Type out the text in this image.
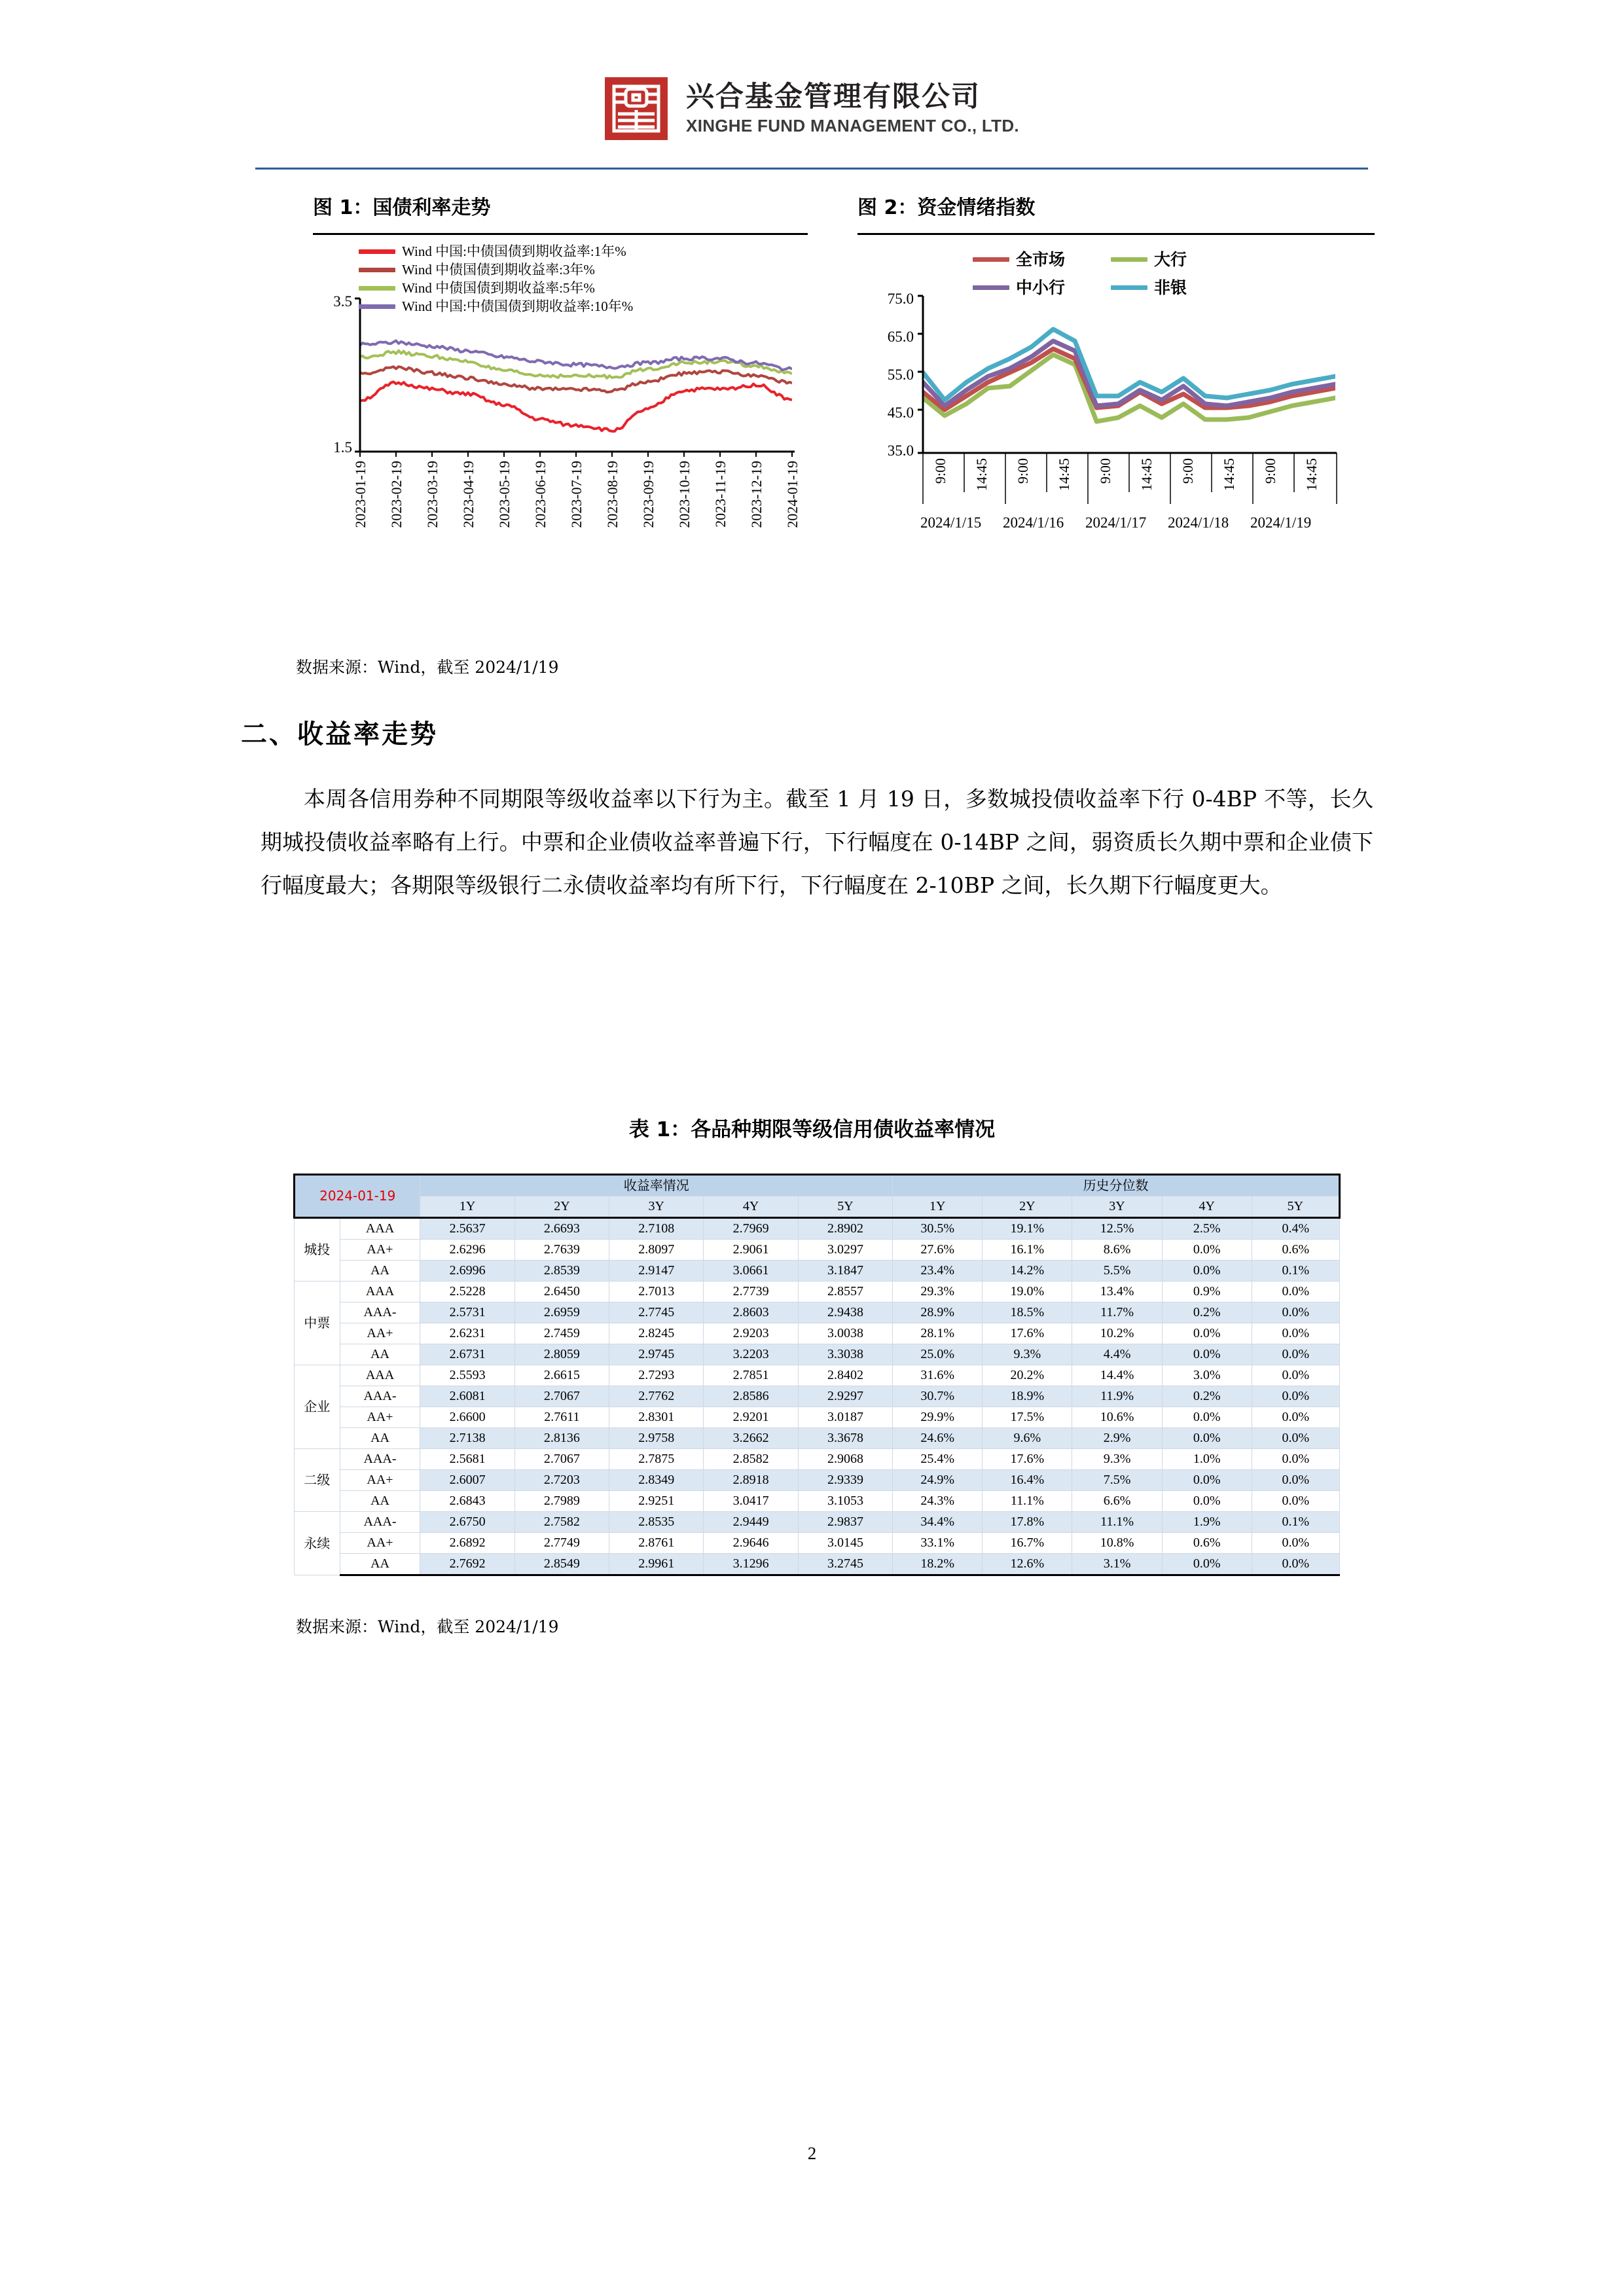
兴合基金管理有限公司
XINGHE FUND MANAGEMENT CO., LTD.
图 1：国债利率走势
Wind 中国:中债国债到期收益率:1年%
Wind 中债国债到期收益率:3年%
Wind 中债国债到期收益率:5年%
Wind 中国:中债国债到期收益率:10年%
3.5
1.5
2023-01-19 2023-02-19 2023-03-19 2023-04-19 2023-05-19 2023-06-19 2023-07-19 2023-08-19 2023-09-19 2023-10-19 2023-11-19 2023-12-19 2024-01-19
图 2：资金情绪指数
全市场	大行
中小行	非银
75.0
65.0
55.0
45.0
35.0
9:00 14:45 9:00 14:45 9:00 14:45 9:00 14:45 9:00 14:45
2024/1/15 2024/1/16 2024/1/17 2024/1/18 2024/1/19
数据来源：Wind，截至 2024/1/19
二、收益率走势
本周各信用券种不同期限等级收益率以下行为主。截至 1 月 19 日，多数城投债收益率下行 0-4BP 不等，长久期城投债收益率略有上行。中票和企业债收益率普遍下行，下行幅度在 0-14BP 之间，弱资质长久期中票和企业债下行幅度最大；各期限等级银行二永债收益率均有所下行，下行幅度在 2-10BP 之间，长久期下行幅度更大。
表 1：各品种期限等级信用债收益率情况
2024-01-19		收益率情况					历史分位数				
		1Y	2Y	3Y	4Y	5Y	1Y	2Y	3Y	4Y	5Y
城投	AAA	2.5637	2.6693	2.7108	2.7969	2.8902	30.5%	19.1%	12.5%	2.5%	0.4%
	AA+	2.6296	2.7639	2.8097	2.9061	3.0297	27.6%	16.1%	8.6%	0.0%	0.6%
	AA	2.6996	2.8539	2.9147	3.0661	3.1847	23.4%	14.2%	5.5%	0.0%	0.1%
中票	AAA	2.5228	2.6450	2.7013	2.7739	2.8557	29.3%	19.0%	13.4%	0.9%	0.0%
	AAA-	2.5731	2.6959	2.7745	2.8603	2.9438	28.9%	18.5%	11.7%	0.2%	0.0%
	AA+	2.6231	2.7459	2.8245	2.9203	3.0038	28.1%	17.6%	10.2%	0.0%	0.0%
	AA	2.6731	2.8059	2.9745	3.2203	3.3038	25.0%	9.3%	4.4%	0.0%	0.0%
企业	AAA	2.5593	2.6615	2.7293	2.7851	2.8402	31.6%	20.2%	14.4%	3.0%	0.0%
	AAA-	2.6081	2.7067	2.7762	2.8586	2.9297	30.7%	18.9%	11.9%	0.2%	0.0%
	AA+	2.6600	2.7611	2.8301	2.9201	3.0187	29.9%	17.5%	10.6%	0.0%	0.0%
	AA	2.7138	2.8136	2.9758	3.2662	3.3678	24.6%	9.6%	2.9%	0.0%	0.0%
二级	AAA-	2.5681	2.7067	2.7875	2.8582	2.9068	25.4%	17.6%	9.3%	1.0%	0.0%
	AA+	2.6007	2.7203	2.8349	2.8918	2.9339	24.9%	16.4%	7.5%	0.0%	0.0%
	AA	2.6843	2.7989	2.9251	3.0417	3.1053	24.3%	11.1%	6.6%	0.0%	0.0%
永续	AAA-	2.6750	2.7582	2.8535	2.9449	2.9837	34.4%	17.8%	11.1%	1.9%	0.1%
	AA+	2.6892	2.7749	2.8761	2.9646	3.0145	33.1%	16.7%	10.8%	0.6%	0.0%
	AA	2.7692	2.8549	2.9961	3.1296	3.2745	18.2%	12.6%	3.1%	0.0%	0.0%
数据来源：Wind，截至 2024/1/19
2
